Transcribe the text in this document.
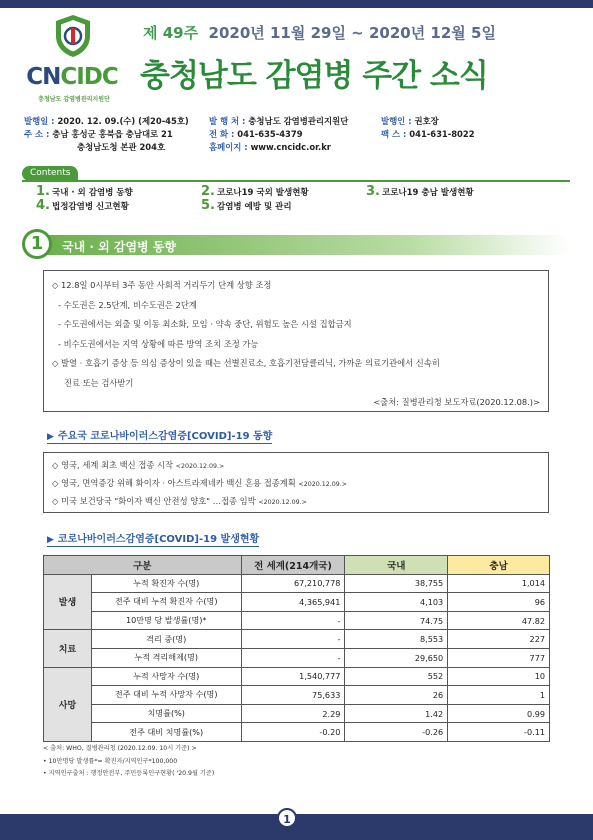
CNCIDC
충청남도 감염병관리지원단
제 49주 2020년 11월 29일 ~ 2020년 12월 5일
충청남도 감염병 주간 소식
발행일 : 2020. 12. 09.(수) (제20-45호)	발 행 처 : 충청남도 감염병관리지원단	발행인 : 권호장
주 소 : 충남 홍성군 홍북읍 충남대로 21	전 화 : 041-635-4379	팩 스 : 041-631-8022
충청남도청 본관 204호	홈페이지 : www.cncidc.or.kr
Contents
1. 국내 · 외 감염병 동향	2. 코로나19 국외 발생현황	3. 코로나19 충남 발생현황
4. 법정감염병 신고현황	5. 감염병 예방 및 관리
1	국내 · 외 감염병 동향
◇ 12.8일 0시부터 3주 동안 사회적 거리두기 단계 상향 조정
- 수도권은 2.5단계, 비수도권은 2단계
- 수도권에서는 외출 및 이동 최소화, 모임 · 약속 중단, 위험도 높은 시설 집합금지
- 비수도권에서는 지역 상황에 따른 방역 조치 조정 가능
◇ 발열 · 호흡기 증상 등 의심 증상이 있을 때는 선별진료소, 호흡기전담클리닉, 가까운 의료기관에서 신속히
진료 또는 검사받기
<출처: 질병관리청 보도자료(2020.12.08.)>
▶ 주요국 코로나바이러스감염증[COVID]-19 동향
◇ 영국, 세계 최초 백신 접종 시작 <2020.12.09.>
◇ 영국, 면역증강 위해 화이자 · 아스트라제네카 백신 혼용 접종계획 <2020.12.09.>
◇ 미국 보건당국 "화이자 백신 안전성 양호" …접종 임박 <2020.12.09.>
▶ 코로나바이러스감염증[COVID]-19 발생현황
구분		전 세계(214개국)	국내	충남
발생	누적 확진자 수(명)	67,210,778	38,755	1,014
	전주 대비 누적 확진자 수(명)	4,365,941	4,103	96
	10만명 당 발생률(명)*	-	74.75	47.82
치료	격리 중(명)	-	8,553	227
	누적 격리해제(명)	-	29,650	777
사망	누적 사망자 수(명)	1,540,777	552	10
	전주 대비 누적 사망자 수(명)	75,633	26	1
	치명률(%)	2.29	1.42	0.99
	전주 대비 치명률(%)	-0.20	-0.26	-0.11
< 출처: WHO, 질병관리청 (2020.12.09. 10시 기준) >
• 10만명당 발생률*= 확진자/지역인구*100,000
• 지역인구출처 : 행정안전부, 주민등록인구현황( '20.9월 기준)
1
